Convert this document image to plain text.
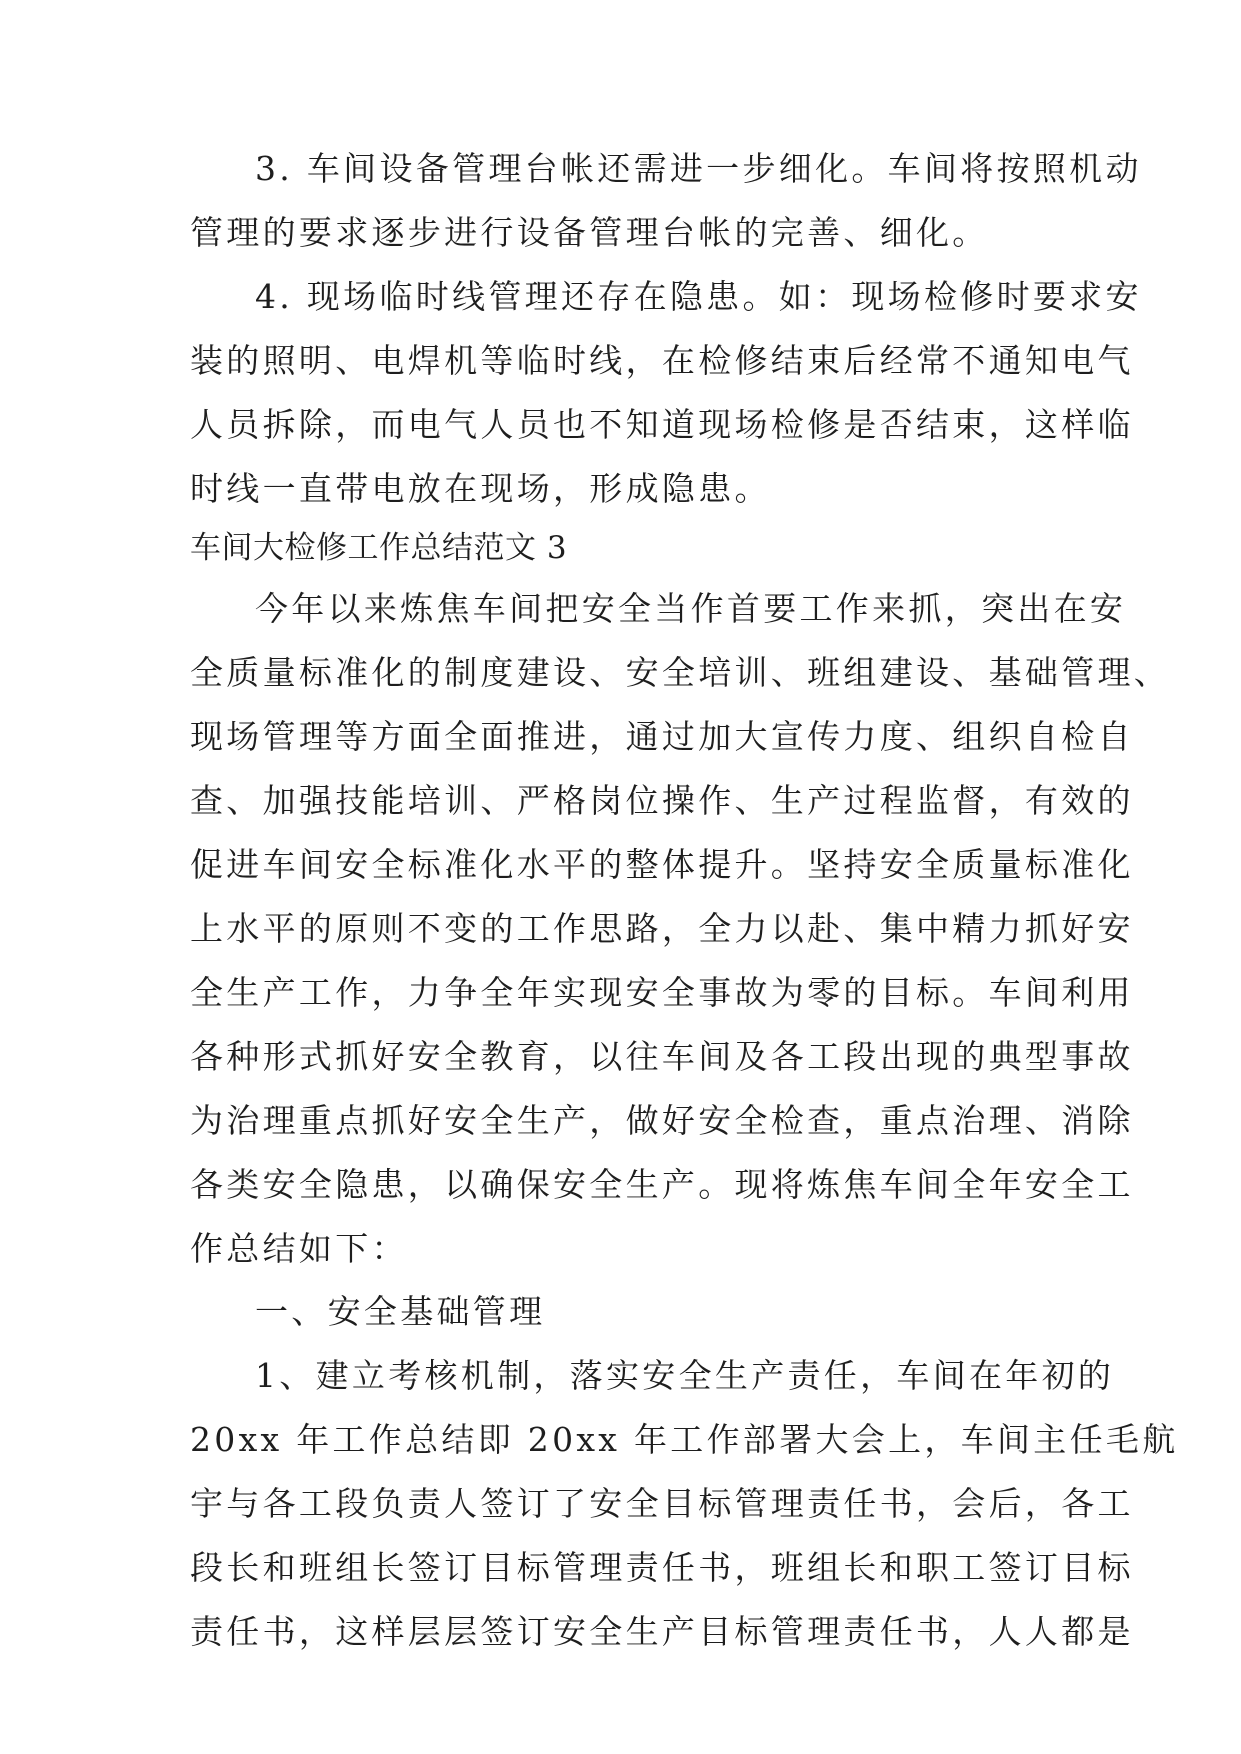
3. 车间设备管理台帐还需进一步细化。车间将按照机动
管理的要求逐步进行设备管理台帐的完善、细化。
4. 现场临时线管理还存在隐患。如：现场检修时要求安
装的照明、电焊机等临时线，在检修结束后经常不通知电气
人员拆除，而电气人员也不知道现场检修是否结束，这样临
时线一直带电放在现场，形成隐患。
车间大检修工作总结范文 3
今年以来炼焦车间把安全当作首要工作来抓，突出在安
全质量标准化的制度建设、安全培训、班组建设、基础管理、
现场管理等方面全面推进，通过加大宣传力度、组织自检自
查、加强技能培训、严格岗位操作、生产过程监督，有效的
促进车间安全标准化水平的整体提升。坚持安全质量标准化
上水平的原则不变的工作思路，全力以赴、集中精力抓好安
全生产工作，力争全年实现安全事故为零的目标。车间利用
各种形式抓好安全教育，以往车间及各工段出现的典型事故
为治理重点抓好安全生产，做好安全检查，重点治理、消除
各类安全隐患，以确保安全生产。现将炼焦车间全年安全工
作总结如下：
一、安全基础管理
1、建立考核机制，落实安全生产责任，车间在年初的
20xx 年工作总结即 20xx 年工作部署大会上，车间主任毛航
宇与各工段负责人签订了安全目标管理责任书，会后，各工
段长和班组长签订目标管理责任书，班组长和职工签订目标
责任书，这样层层签订安全生产目标管理责任书，人人都是
